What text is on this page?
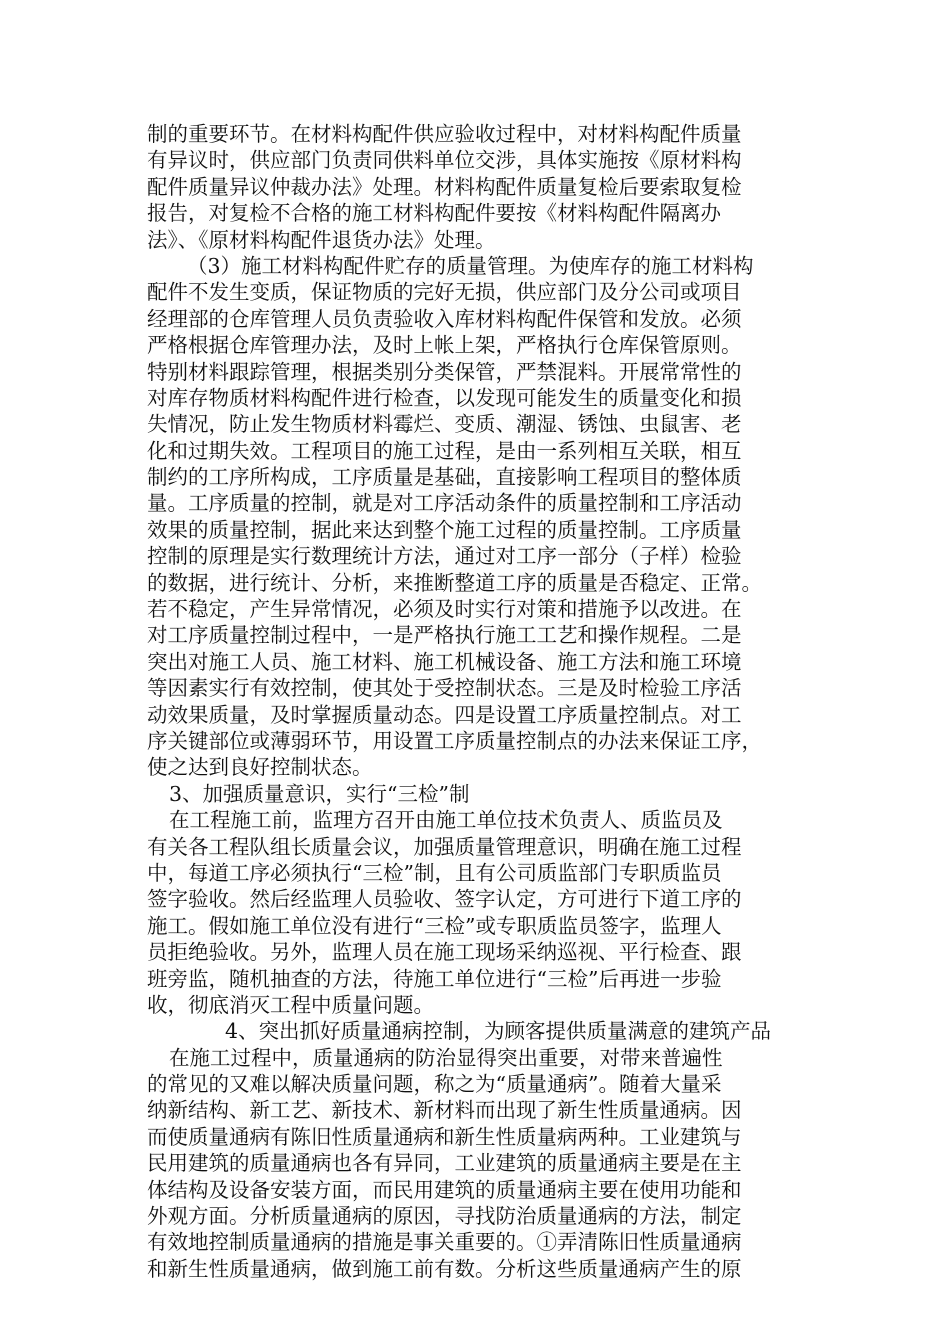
制的重要环节。在材料构配件供应验收过程中，对材料构配件质量
有异议时，供应部门负责同供料单位交涉，具体实施按《原材料构
配件质量异议仲裁办法》处理。材料构配件质量复检后要索取复检
报告，对复检不合格的施工材料构配件要按《材料构配件隔离办
法》、《原材料构配件退货办法》处理。
（3）施工材料构配件贮存的质量管理。为使库存的施工材料构
配件不发生变质，保证物质的完好无损，供应部门及分公司或项目
经理部的仓库管理人员负责验收入库材料构配件保管和发放。必须
严格根据仓库管理办法，及时上帐上架，严格执行仓库保管原则。
特别材料跟踪管理，根据类别分类保管，严禁混料。开展常常性的
对库存物质材料构配件进行检查，以发现可能发生的质量变化和损
失情况，防止发生物质材料霉烂、变质、潮湿、锈蚀、虫鼠害、老
化和过期失效。工程项目的施工过程，是由一系列相互关联，相互
制约的工序所构成，工序质量是基础，直接影响工程项目的整体质
量。工序质量的控制，就是对工序活动条件的质量控制和工序活动
效果的质量控制，据此来达到整个施工过程的质量控制。工序质量
控制的原理是实行数理统计方法，通过对工序一部分（子样）检验
的数据，进行统计、分析，来推断整道工序的质量是否稳定、正常。
若不稳定，产生异常情况，必须及时实行对策和措施予以改进。在
对工序质量控制过程中，一是严格执行施工工艺和操作规程。二是
突出对施工人员、施工材料、施工机械设备、施工方法和施工环境
等因素实行有效控制，使其处于受控制状态。三是及时检验工序活
动效果质量，及时掌握质量动态。四是设置工序质量控制点。对工
序关键部位或薄弱环节，用设置工序质量控制点的办法来保证工序，
使之达到良好控制状态。
3、加强质量意识，实行“三检”制
在工程施工前，监理方召开由施工单位技术负责人、质监员及
有关各工程队组长质量会议，加强质量管理意识，明确在施工过程
中，每道工序必须执行“三检”制，且有公司质监部门专职质监员
签字验收。然后经监理人员验收、签字认定，方可进行下道工序的
施工。假如施工单位没有进行“三检”或专职质监员签字，监理人
员拒绝验收。另外，监理人员在施工现场采纳巡视、平行检查、跟
班旁监，随机抽查的方法，待施工单位进行“三检”后再进一步验
收，彻底消灭工程中质量问题。
4、突出抓好质量通病控制，为顾客提供质量满意的建筑产品
在施工过程中，质量通病的防治显得突出重要，对带来普遍性
的常见的又难以解决质量问题，称之为“质量通病”。随着大量采
纳新结构、新工艺、新技术、新材料而出现了新生性质量通病。因
而使质量通病有陈旧性质量通病和新生性质量病两种。工业建筑与
民用建筑的质量通病也各有异同，工业建筑的质量通病主要是在主
体结构及设备安装方面，而民用建筑的质量通病主要在使用功能和
外观方面。分析质量通病的原因，寻找防治质量通病的方法，制定
有效地控制质量通病的措施是事关重要的。①弄清陈旧性质量通病
和新生性质量通病，做到施工前有数。分析这些质量通病产生的原
